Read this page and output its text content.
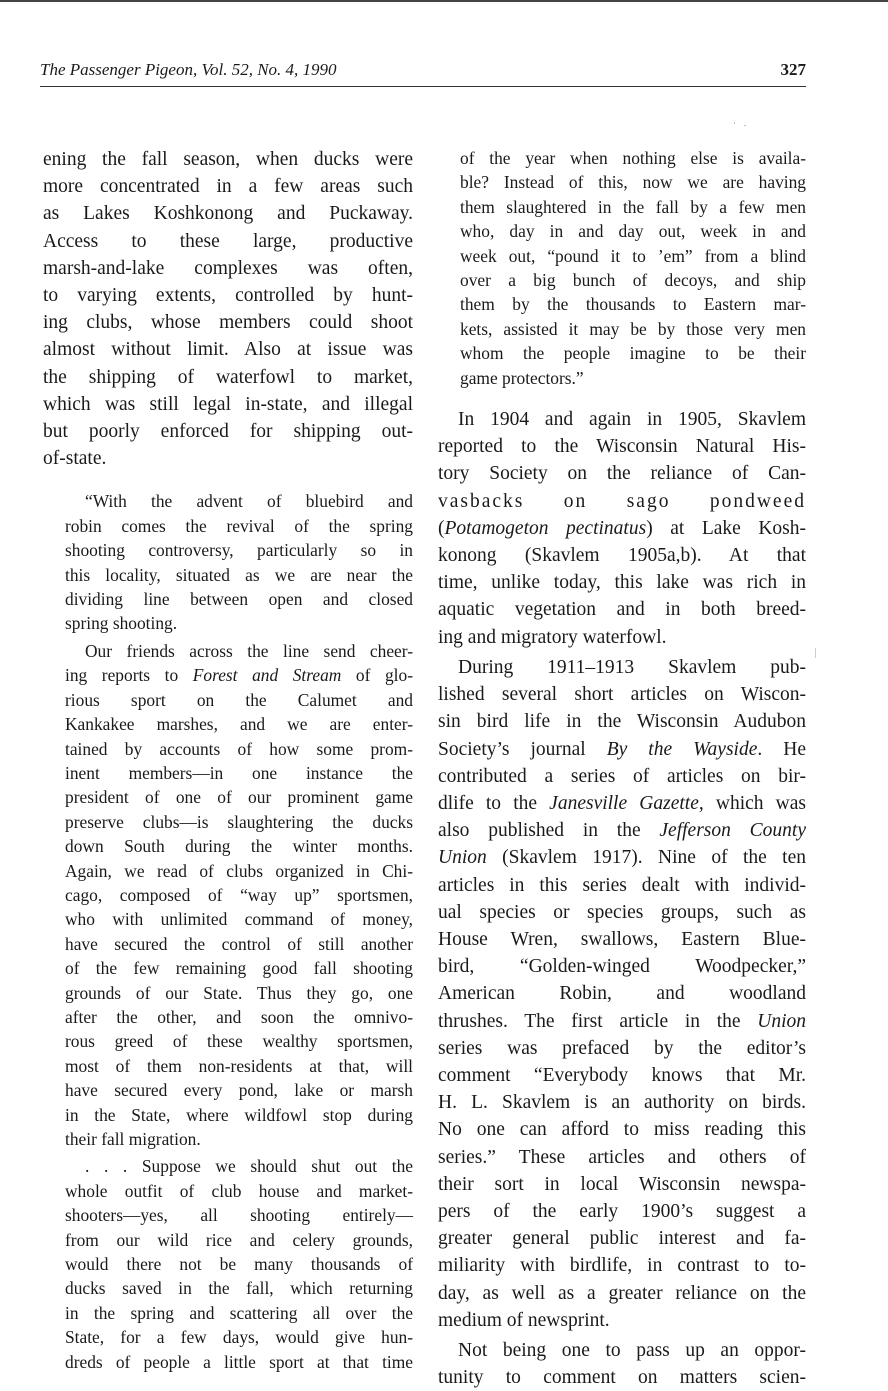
The Passenger Pigeon, Vol. 52, No. 4, 1990	327
·.
ening the fall season, when ducks were
more concentrated in a few areas such
as Lakes Koshkonong and Puckaway.
Access to these large, productive
marsh-and-lake complexes was often,
to varying extents, controlled by hunt-
ing clubs, whose members could shoot
almost without limit. Also at issue was
the shipping of waterfowl to market,
which was still legal in-state, and illegal
but poorly enforced for shipping out-
of-state.
“With the advent of bluebird and
robin comes the revival of the spring
shooting controversy, particularly so in
this locality, situated as we are near the
dividing line between open and closed
spring shooting.
Our friends across the line send cheer-
ing reports to Forest and Stream of glo-
rious sport on the Calumet and
Kankakee marshes, and we are enter-
tained by accounts of how some prom-
inent members—in one instance the
president of one of our prominent game
preserve clubs—is slaughtering the ducks
down South during the winter months.
Again, we read of clubs organized in Chi-
cago, composed of “way up” sportsmen,
who with unlimited command of money,
have secured the control of still another
of the few remaining good fall shooting
grounds of our State. Thus they go, one
after the other, and soon the omnivo-
rous greed of these wealthy sportsmen,
most of them non-residents at that, will
have secured every pond, lake or marsh
in the State, where wildfowl stop during
their fall migration.
. . . Suppose we should shut out the
whole outfit of club house and market-
shooters—yes, all shooting entirely—
from our wild rice and celery grounds,
would there not be many thousands of
ducks saved in the fall, which returning
in the spring and scattering all over the
State, for a few days, would give hun-
dreds of people a little sport at that time
of the year when nothing else is availa-
ble? Instead of this, now we are having
them slaughtered in the fall by a few men
who, day in and day out, week in and
week out, “pound it to ’em” from a blind
over a big bunch of decoys, and ship
them by the thousands to Eastern mar-
kets, assisted it may be by those very men
whom the people imagine to be their
game protectors.”
In 1904 and again in 1905, Skavlem
reported to the Wisconsin Natural His-
tory Society on the reliance of Can-
vasbacks on sago pondweed
(Potamogeton pectinatus) at Lake Kosh-
konong (Skavlem 1905a,b). At that
time, unlike today, this lake was rich in
aquatic vegetation and in both breed-
ing and migratory waterfowl.
During 1911–1913 Skavlem pub-
lished several short articles on Wiscon-
sin bird life in the Wisconsin Audubon
Society’s journal By the Wayside. He
contributed a series of articles on bir-
dlife to the Janesville Gazette, which was
also published in the Jefferson County
Union (Skavlem 1917). Nine of the ten
articles in this series dealt with individ-
ual species or species groups, such as
House Wren, swallows, Eastern Blue-
bird, “Golden-winged Woodpecker,”
American Robin, and woodland
thrushes. The first article in the Union
series was prefaced by the editor’s
comment “Everybody knows that Mr.
H. L. Skavlem is an authority on birds.
No one can afford to miss reading this
series.” These articles and others of
their sort in local Wisconsin newspa-
pers of the early 1900’s suggest a
greater general public interest and fa-
miliarity with birdlife, in contrast to to-
day, as well as a greater reliance on the
medium of newsprint.
Not being one to pass up an oppor-
tunity to comment on matters scien-
